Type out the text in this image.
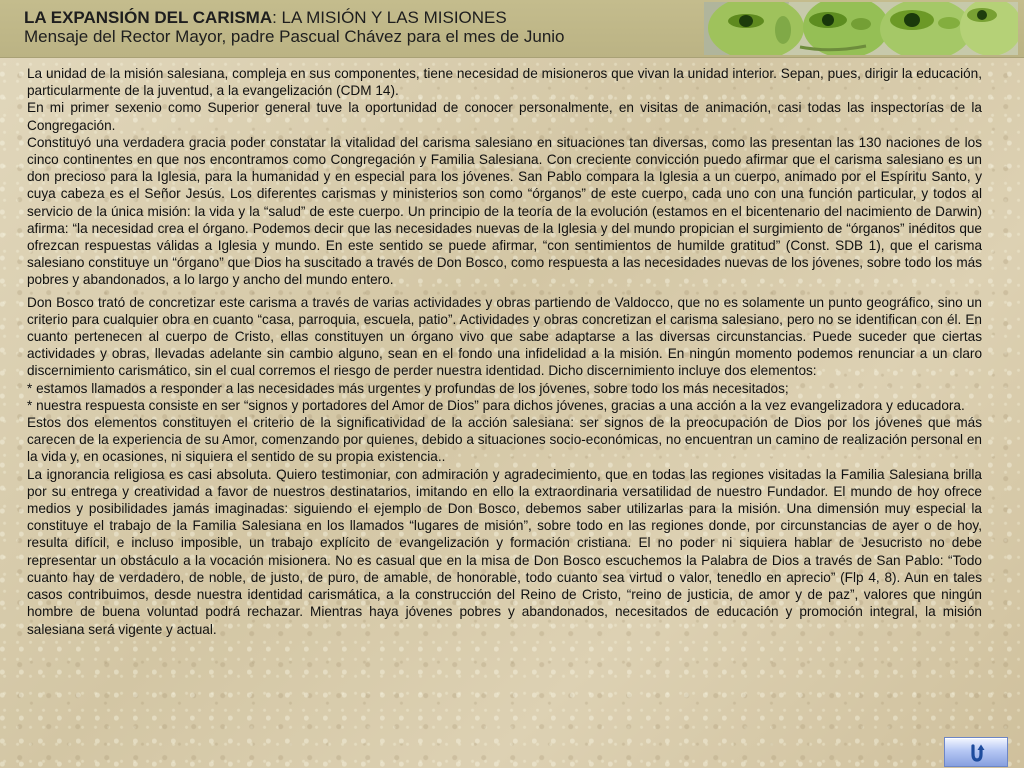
LA EXPANSIÓN DEL CARISMA: LA MISIÓN Y LAS MISIONES
Mensaje del Rector Mayor, padre Pascual Chávez para el mes de Junio

La unidad de la misión salesiana, compleja en sus componentes, tiene necesidad de misioneros que vivan la unidad interior. Sepan, pues, dirigir la educación, particularmente de la juventud, a la evangelización (CDM 14).

En mi primer sexenio como Superior general tuve la oportunidad de conocer personalmente, en visitas de animación, casi todas las inspectorías de la Congregación.

Constituyó una verdadera gracia poder constatar la vitalidad del carisma salesiano en situaciones tan diversas, como las presentan las 130 naciones de los cinco continentes en que nos encontramos como Congregación y Familia Salesiana. Con creciente convicción puedo afirmar que el carisma salesiano es un don precioso para la Iglesia, para la humanidad y en especial para los jóvenes. San Pablo compara la Iglesia a un cuerpo, animado por el Espíritu Santo, y cuya cabeza es el Señor Jesús. Los diferentes carismas y ministerios son como “órganos” de este cuerpo, cada uno con una función particular, y todos al servicio de la única misión: la vida y la “salud” de este cuerpo. Un principio de la teoría de la evolución (estamos en el bicentenario del nacimiento de Darwin) afirma: “la necesidad crea el órgano. Podemos decir que las necesidades nuevas de la Iglesia y del mundo propician el surgimiento de “órganos” inéditos que ofrezcan respuestas válidas a Iglesia y mundo. En este sentido se puede afirmar, “con sentimientos de humilde gratitud” (Const. SDB 1), que el carisma salesiano constituye un “órgano” que Dios ha suscitado a través de Don Bosco, como respuesta a las necesidades nuevas de los jóvenes, sobre todo los más pobres y abandonados, a lo largo y ancho del mundo entero.

Don Bosco trató de concretizar este carisma a través de varias actividades y obras partiendo de Valdocco, que no es solamente un punto geográfico, sino un criterio para cualquier obra en cuanto “casa, parroquia, escuela, patio”. Actividades y obras concretizan el carisma salesiano, pero no se identifican con él. En cuanto pertenecen al cuerpo de Cristo, ellas constituyen un órgano vivo que sabe adaptarse a las diversas circunstancias. Puede suceder que ciertas actividades y obras, llevadas adelante sin cambio alguno, sean en el fondo una infidelidad a la misión. En ningún momento podemos renunciar a un claro discernimiento carismático, sin el cual corremos el riesgo de perder nuestra identidad. Dicho discernimiento incluye dos elementos:

* estamos llamados a responder a las necesidades más urgentes y profundas de los jóvenes, sobre todo los más necesitados;

* nuestra respuesta consiste en ser “signos y portadores del Amor de Dios” para dichos jóvenes, gracias a una acción a la vez evangelizadora y educadora.

Estos dos elementos constituyen el criterio de la significatividad de la acción salesiana: ser signos de la preocupación de Dios por los jóvenes que más carecen de la experiencia de su Amor, comenzando por quienes, debido a situaciones socio-económicas, no encuentran un camino de realización personal en la vida y, en ocasiones, ni siquiera el sentido de su propia existencia..

La ignorancia religiosa es casi absoluta. Quiero testimoniar, con admiración y agradecimiento, que en todas las regiones visitadas la Familia Salesiana brilla por su entrega y creatividad a favor de nuestros destinatarios, imitando en ello la extraordinaria versatilidad de nuestro Fundador. El mundo de hoy ofrece medios y posibilidades jamás imaginadas: siguiendo el ejemplo de Don Bosco, debemos saber utilizarlas para la misión. Una dimensión muy especial la constituye el trabajo de la Familia Salesiana en los llamados “lugares de misión”, sobre todo en las regiones donde, por circunstancias de ayer o de hoy, resulta difícil, e incluso imposible, un trabajo explícito de evangelización y formación cristiana. El no poder ni siquiera hablar de Jesucristo no debe representar un obstáculo a la vocación misionera. No es casual que en la misa de Don Bosco escuchemos la Palabra de Dios a través de San Pablo: “Todo cuanto hay de verdadero, de noble, de justo, de puro, de amable, de honorable, todo cuanto sea virtud o valor, tenedlo en aprecio” (Flp 4, 8). Aun en tales casos contribuimos, desde nuestra identidad carismática, a la construcción del Reino de Cristo, “reino de justicia, de amor y de paz”, valores que ningún hombre de buena voluntad podrá rechazar. Mientras haya jóvenes pobres y abandonados, necesitados de educación y promoción integral, la misión salesiana será vigente y actual.
